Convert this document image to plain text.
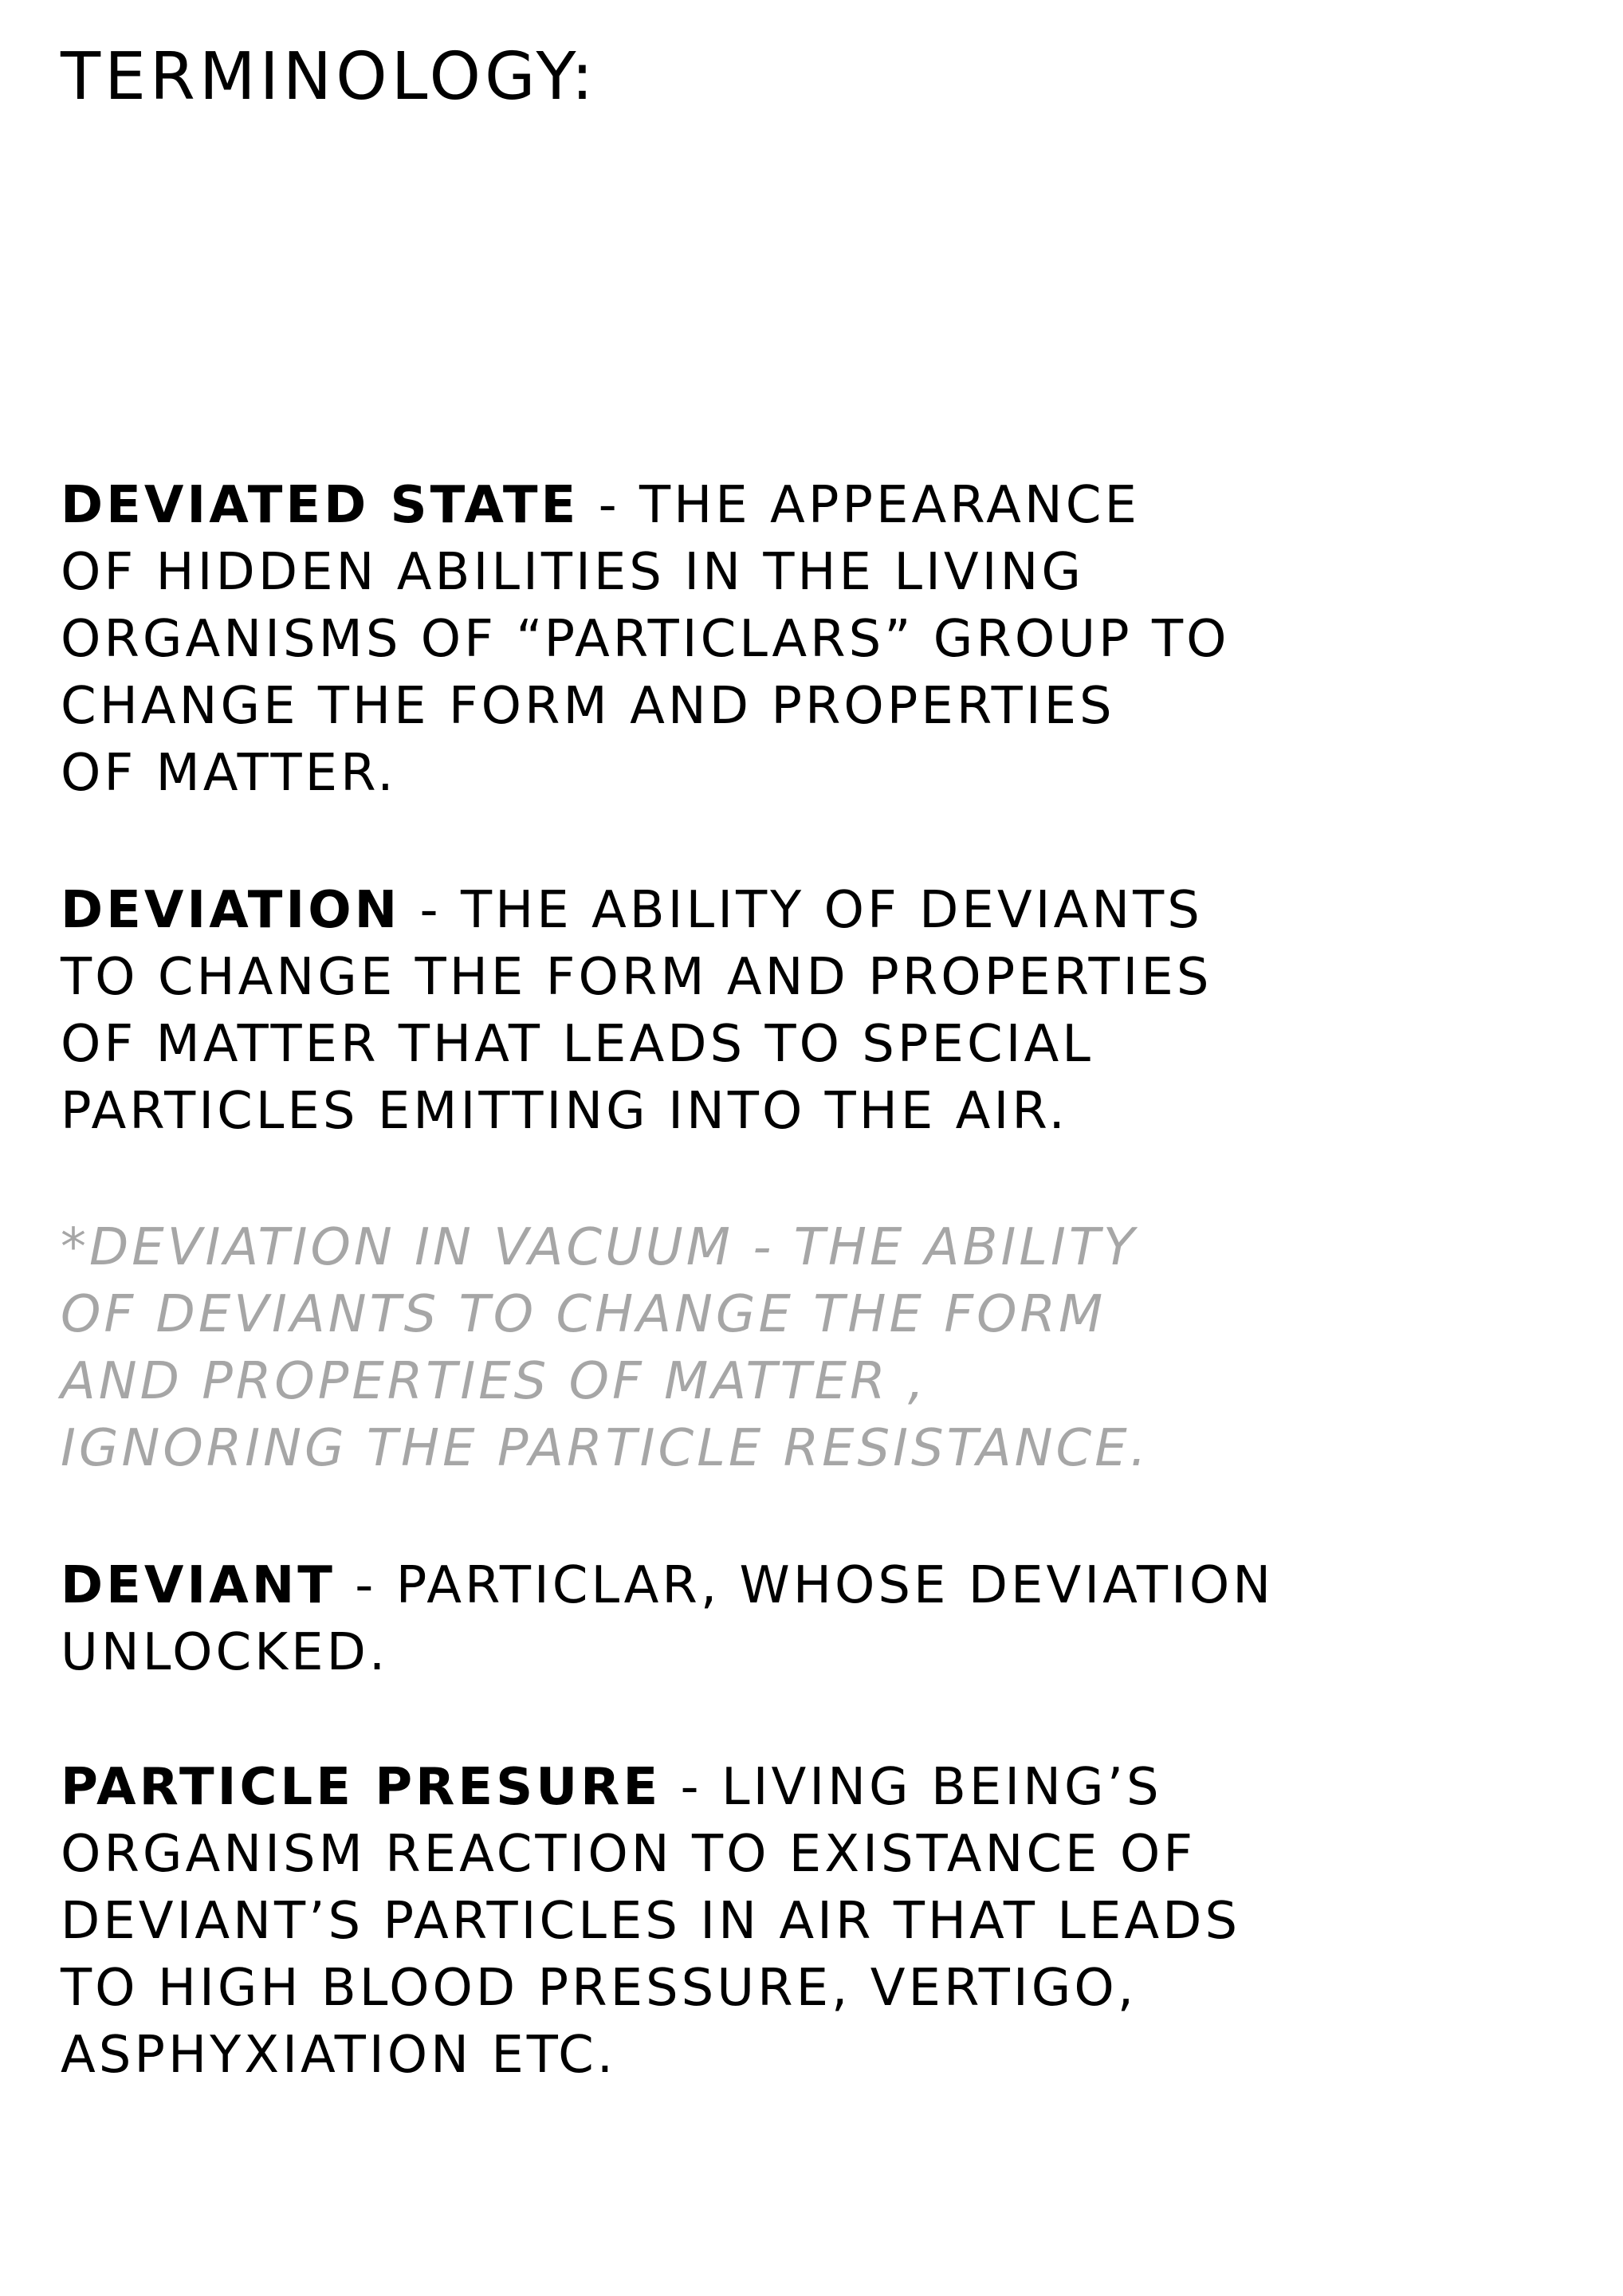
TERMINOLOGY:

DEVIATED STATE - THE APPEARANCE
OF HIDDEN ABILITIES IN THE LIVING
ORGANISMS OF “PARTICLARS” GROUP TO
CHANGE THE FORM AND PROPERTIES
OF MATTER.

DEVIATION - THE ABILITY OF DEVIANTS
TO CHANGE THE FORM AND PROPERTIES
OF MATTER THAT LEADS TO SPECIAL
PARTICLES EMITTING INTO THE AIR.

*DEVIATION IN VACUUM - THE ABILITY
OF DEVIANTS TO CHANGE THE FORM
AND PROPERTIES OF MATTER ,
IGNORING THE PARTICLE RESISTANCE.

DEVIANT - PARTICLAR, WHOSE DEVIATION
UNLOCKED.

PARTICLE PRESURE - LIVING BEING’S
ORGANISM REACTION TO EXISTANCE OF
DEVIANT’S PARTICLES IN AIR THAT LEADS
TO HIGH BLOOD PRESSURE, VERTIGO,
ASPHYXIATION ETC.
